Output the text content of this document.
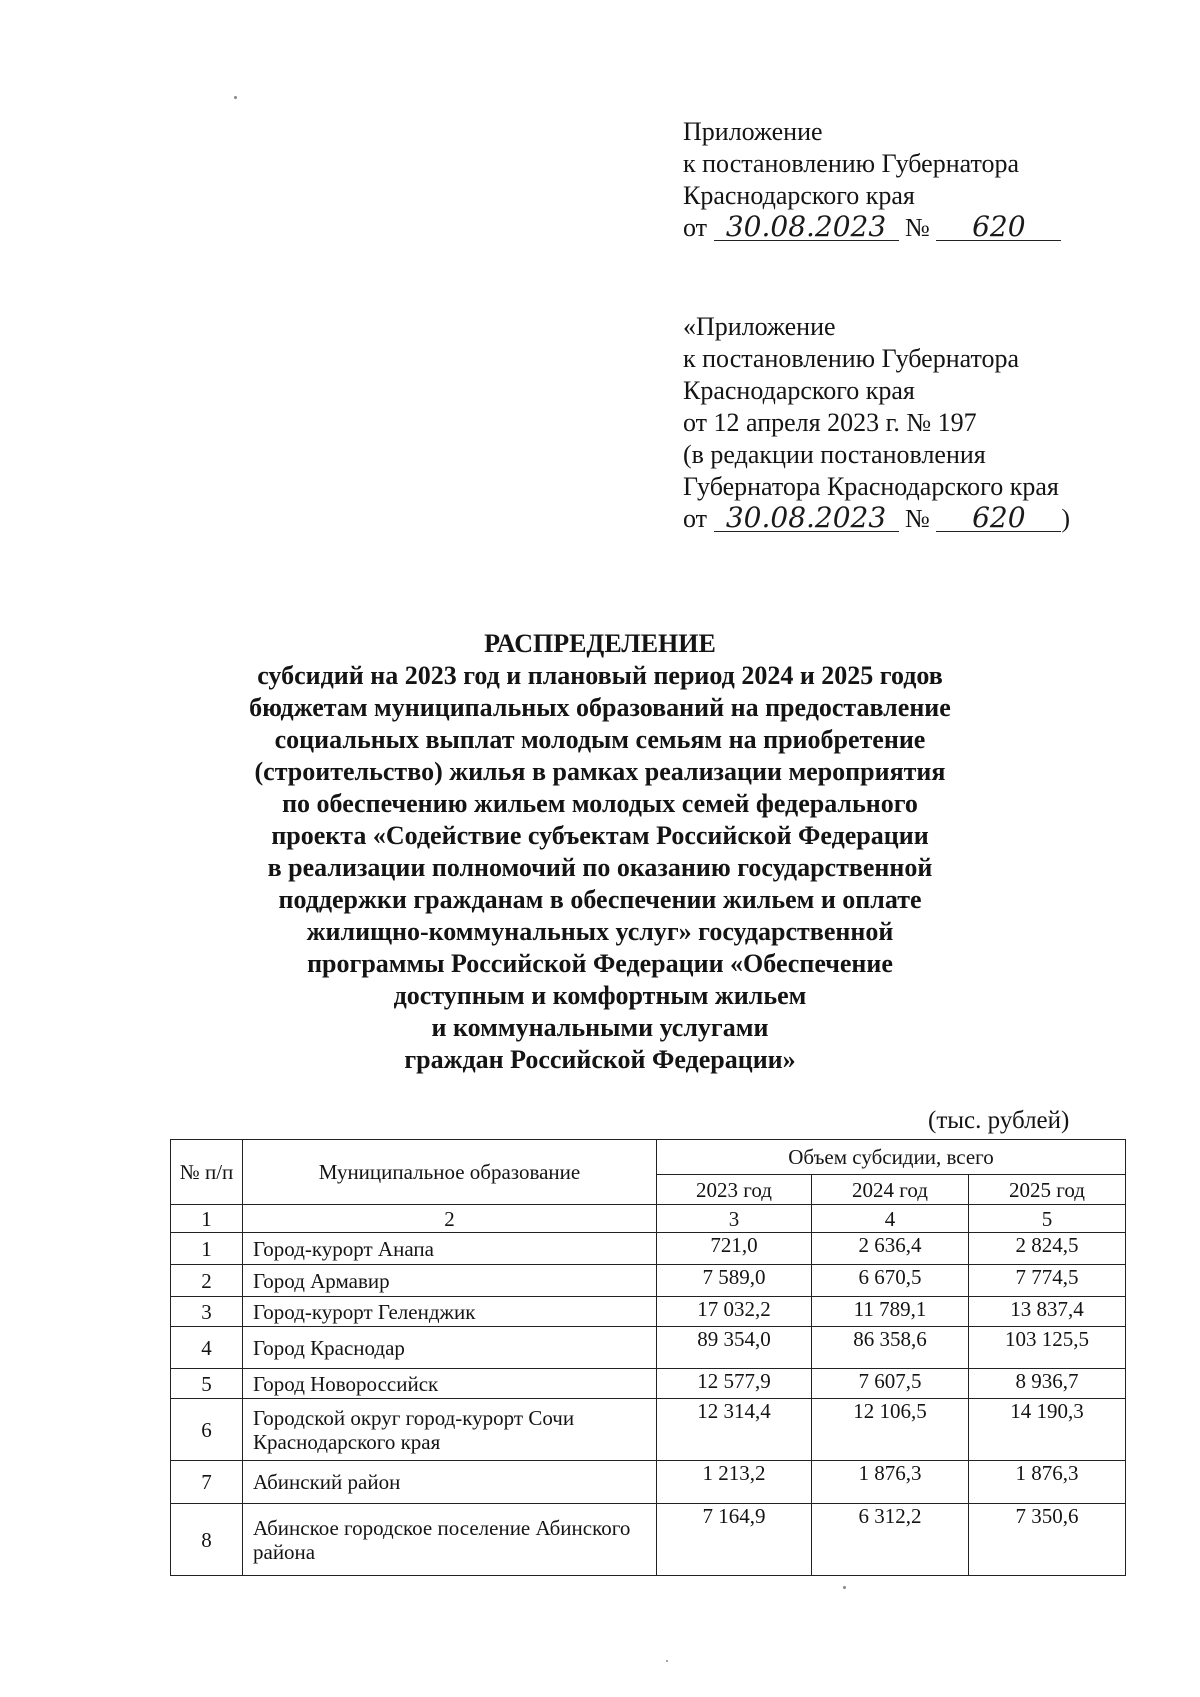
Приложение
к постановлению Губернатора
Краснодарского края
от 30.08.2023 № 620
«Приложение
к постановлению Губернатора
Краснодарского края
от 12 апреля 2023 г. № 197
(в редакции постановления
Губернатора Краснодарского края
от 30.08.2023 № 620 )
РАСПРЕДЕЛЕНИЕ
субсидий на 2023 год и плановый период 2024 и 2025 годов
бюджетам муниципальных образований на предоставление
социальных выплат молодым семьям на приобретение
(строительство) жилья в рамках реализации мероприятия
по обеспечению жильем молодых семей федерального
проекта «Содействие субъектам Российской Федерации
в реализации полномочий по оказанию государственной
поддержки гражданам в обеспечении жильем и оплате
жилищно-коммунальных услуг» государственной
программы Российской Федерации «Обеспечение
доступным и комфортным жильем
и коммунальными услугами
граждан Российской Федерации»
(тыс. рублей)
№ п/п	Муниципальное образование	Объем субсидии, всего		
		2023 год	2024 год	2025 год
1	2	3	4	5
1	Город-курорт Анапа	721,0	2 636,4	2 824,5
2	Город Армавир	7 589,0	6 670,5	7 774,5
3	Город-курорт Геленджик	17 032,2	11 789,1	13 837,4
4	Город Краснодар	89 354,0	86 358,6	103 125,5
5	Город Новороссийск	12 577,9	7 607,5	8 936,7
6	Городской округ город-курорт Сочи Краснодарского края	12 314,4	12 106,5	14 190,3
7	Абинский район	1 213,2	1 876,3	1 876,3
8	Абинское городское поселение Абинского района	7 164,9	6 312,2	7 350,6
